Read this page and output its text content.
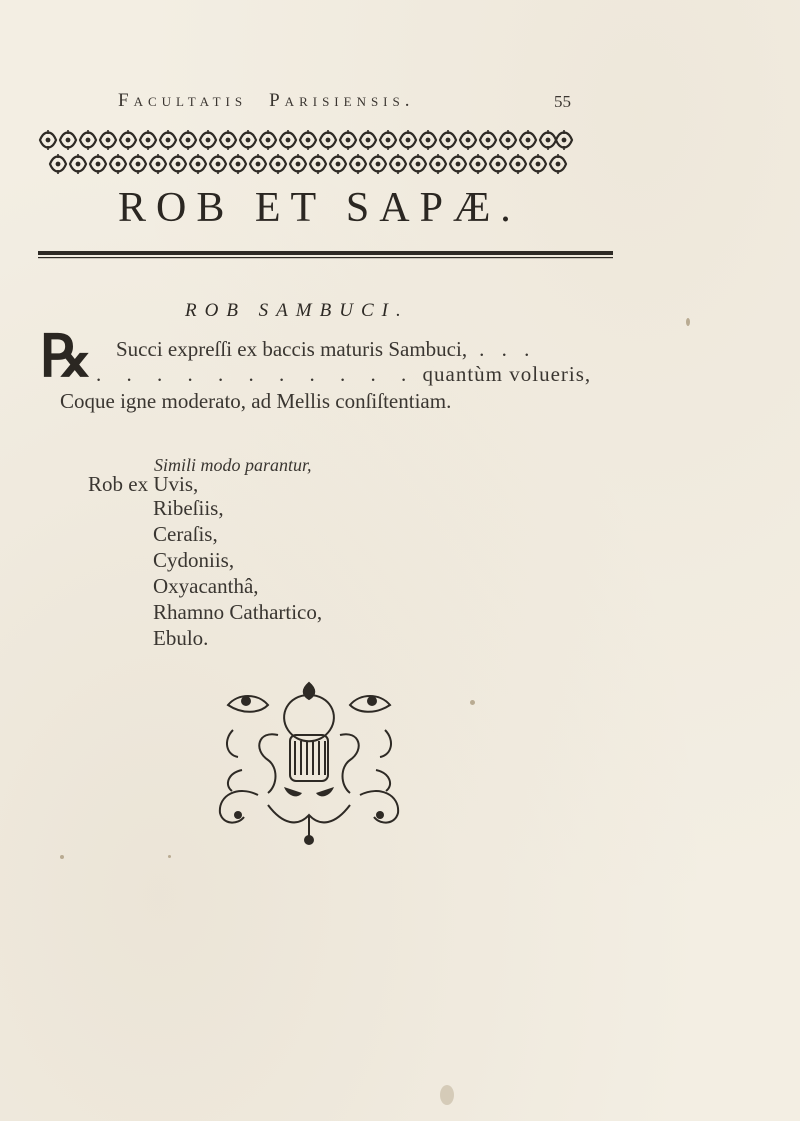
Facultatis Parisiensis.	55
ROB ET SAPÆ.
ROB SAMBUCI.
℞ Succi expreſſi ex baccis maturis Sambuci, . . .
. . . . . . . . . . . quantùm volueris,
Coque igne moderato, ad Mellis conſiſtentiam.
Simili modo parantur,
Rob ex Uvis,
Ribeſiis,
Ceraſis,
Cydoniis,
Oxyacanthâ,
Rhamno Cathartico,
Ebulo.
